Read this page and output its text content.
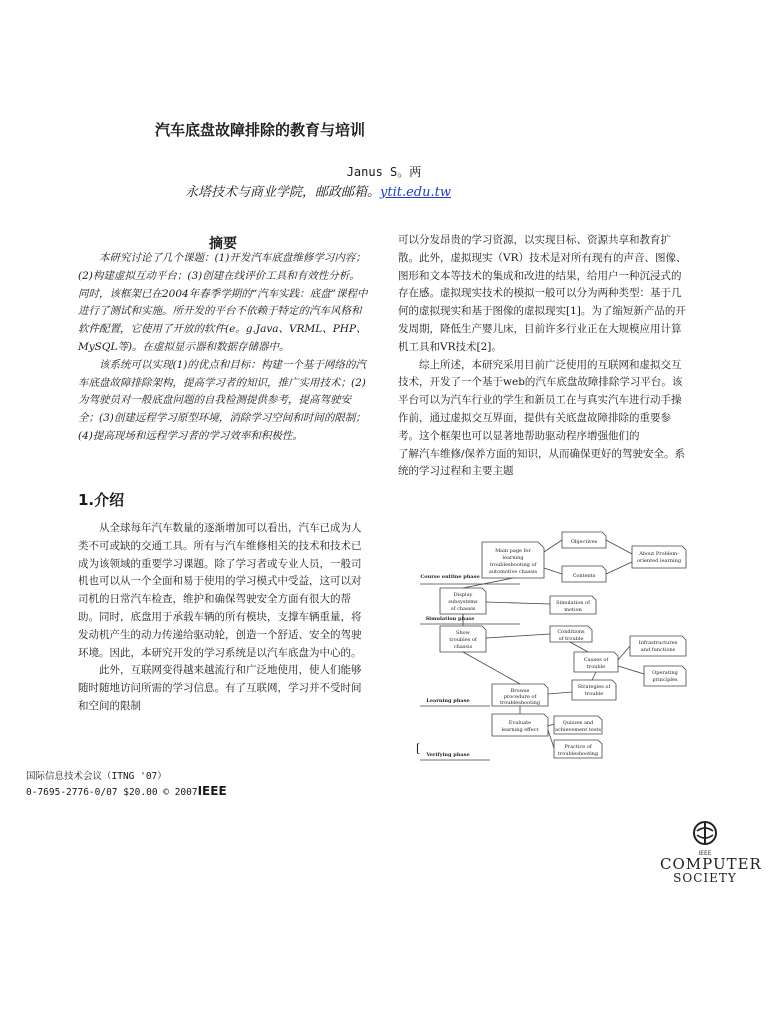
汽车底盘故障排除的教育与培训
Janus S。两
永塔技术与商业学院，邮政邮箱。ytit.edu.tw
摘要

本研究讨论了几个课题：(1)开发汽车底盘维修学习内容；(2)构建虚拟互动平台；(3)创建在线评价工具和有效性分析。同时，该框架已在2004年春季学期的“汽车实践：底盘”课程中进行了测试和实施。所开发的平台不依赖于特定的汽车风格和软件配置，它使用了开放的软件(e。g.Java、VRML、PHP、MySQL等)。在虚拟显示器和数据存储器中。

该系统可以实现(1)的优点和目标：构建一个基于网络的汽车底盘故障排除架构，提高学习者的知识，推广实用技术；(2)为驾驶员对一般底盘问题的自我检测提供参考，提高驾驶安全；(3)创建远程学习原型环境，消除学习空间和时间的限制；(4)提高现场和远程学习者的学习效率和积极性。

1.介绍

从全球每年汽车数量的逐渐增加可以看出，汽车已成为人类不可或缺的交通工具。所有与汽车维修相关的技术和技术已成为该领域的重要学习课题。除了学习者或专业人员，一般司机也可以从一个全面和易于使用的学习模式中受益，这可以对司机的日常汽车检查，维护和确保驾驶安全方面有很大的帮助。同时，底盘用于承载车辆的所有模块，支撑车辆重量，将发动机产生的动力传递给驱动轮，创造一个舒适、安全的驾驶环境。因此，本研究开发的学习系统是以汽车底盘为中心的。

此外，互联网变得越来越流行和广泛地使用，使人们能够随时随地访问所需的学习信息。有了互联网，学习并不受时间和空间的限制

可以分发昂贵的学习资源，以实现目标、资源共享和教育扩散。此外，虚拟现实（VR）技术是对所有现有的声音、图像、图形和文本等技术的集成和改进的结果，给用户一种沉浸式的存在感。虚拟现实技术的模拟一般可以分为两种类型：基于几何的虚拟现实和基于图像的虚拟现实[1]。为了缩短新产品的开发周期，降低生产婴儿床，目前许多行业正在大规模应用计算机工具和VR技术[2]。

综上所述，本研究采用目前广泛使用的互联网和虚拟交互技术，开发了一个基于web的汽车底盘故障排除学习平台。该平台可以为汽车行业的学生和新员工在与真实汽车进行动手操作前，通过虚拟交互界面，提供有关底盘故障排除的重要参考。这个框架也可以显著地帮助驱动程序增强他们的

了解汽车维修/保养方面的知识，从而确保更好的驾驶安全。系统的学习过程和主要主题

Course outline phase
Simulation phase
Learning phase
Verifying phase
Main page for
learning
troubleshooting of
automotive chassis
Display
subsystems
of chassis
Show
troubles of
chassis
Browse
procedure of
troubleshooting
Evaluate
learning effect
Objectives
Contents
About Problem-
oriented learning
Simulation of
motion
Conditions
of trouble
Causes of
trouble
Strategies of
trouble
Infrastructures
and functions
Operating
principles
Quizzes and
achievement tests
Practice of
troubleshooting
[
国际信息技术会议（ITNG '07）
0-7695-2776-0/07 $20.00 © 2007IEEE
IEEE
COMPUTER
SOCIETY
